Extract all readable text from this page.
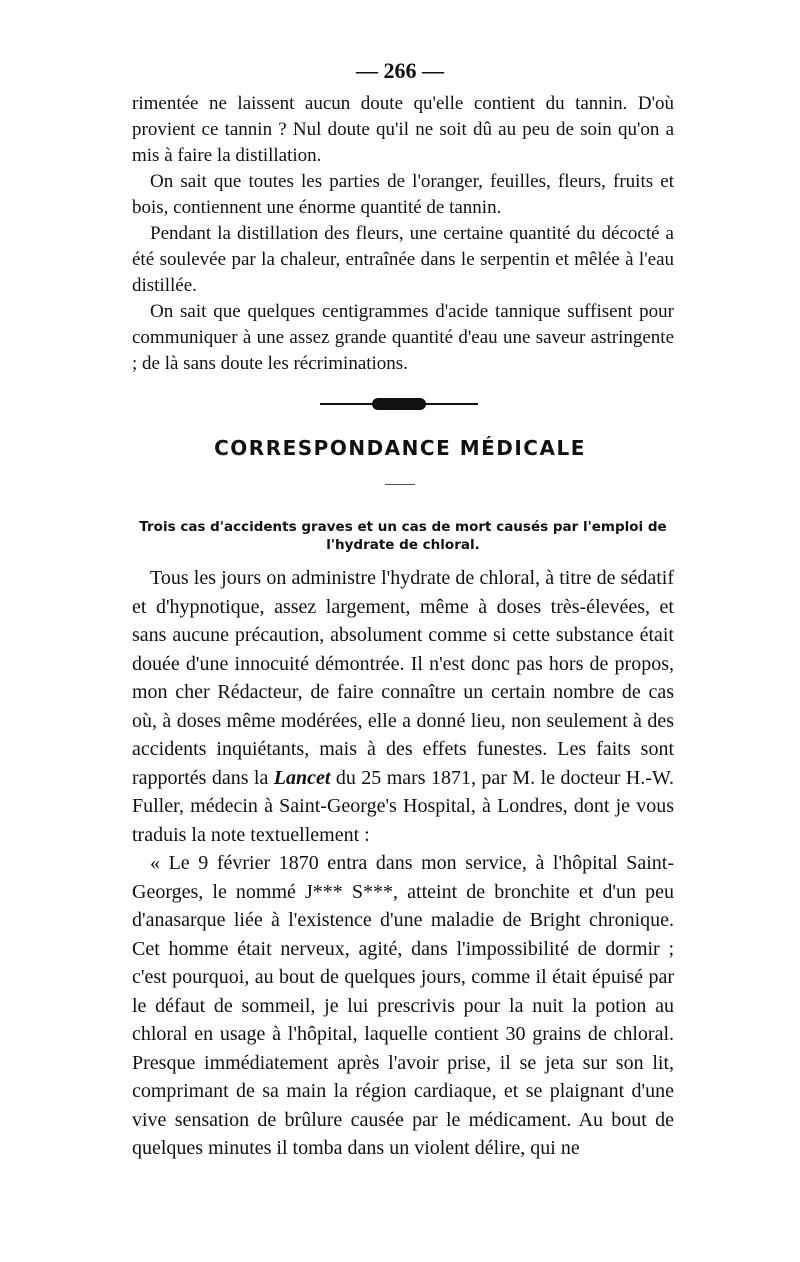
— 266 —

rimentée ne laissent aucun doute qu'elle contient du tannin. D'où provient ce tannin ? Nul doute qu'il ne soit dû au peu de soin qu'on a mis à faire la distillation.

On sait que toutes les parties de l'oranger, feuilles, fleurs, fruits et bois, contiennent une énorme quantité de tannin.

Pendant la distillation des fleurs, une certaine quantité du décocté a été soulevée par la chaleur, entraînée dans le serpentin et mêlée à l'eau distillée.

On sait que quelques centigrammes d'acide tannique suffisent pour communiquer à une assez grande quantité d'eau une saveur astringente ; de là sans doute les récriminations.

CORRESPONDANCE MÉDICALE
Trois cas d'accidents graves et un cas de mort causés par l'emploi de l'hydrate de chloral.

Tous les jours on administre l'hydrate de chloral, à titre de sédatif et d'hypnotique, assez largement, même à doses très-élevées, et sans aucune précaution, absolument comme si cette substance était douée d'une innocuité démontrée. Il n'est donc pas hors de propos, mon cher Rédacteur, de faire connaître un certain nombre de cas où, à doses même modérées, elle a donné lieu, non seulement à des accidents inquiétants, mais à des effets funestes. Les faits sont rapportés dans la Lancet du 25 mars 1871, par M. le docteur H.-W. Fuller, médecin à Saint-George's Hospital, à Londres, dont je vous traduis la note textuellement :

« Le 9 février 1870 entra dans mon service, à l'hôpital Saint-Georges, le nommé J*** S***, atteint de bronchite et d'un peu d'anasarque liée à l'existence d'une maladie de Bright chronique. Cet homme était nerveux, agité, dans l'impossibilité de dormir ; c'est pourquoi, au bout de quelques jours, comme il était épuisé par le défaut de sommeil, je lui prescrivis pour la nuit la potion au chloral en usage à l'hôpital, laquelle contient 30 grains de chloral. Presque immédiatement après l'avoir prise, il se jeta sur son lit, comprimant de sa main la région cardiaque, et se plaignant d'une vive sensation de brûlure causée par le médicament. Au bout de quelques minutes il tomba dans un violent délire, qui ne
